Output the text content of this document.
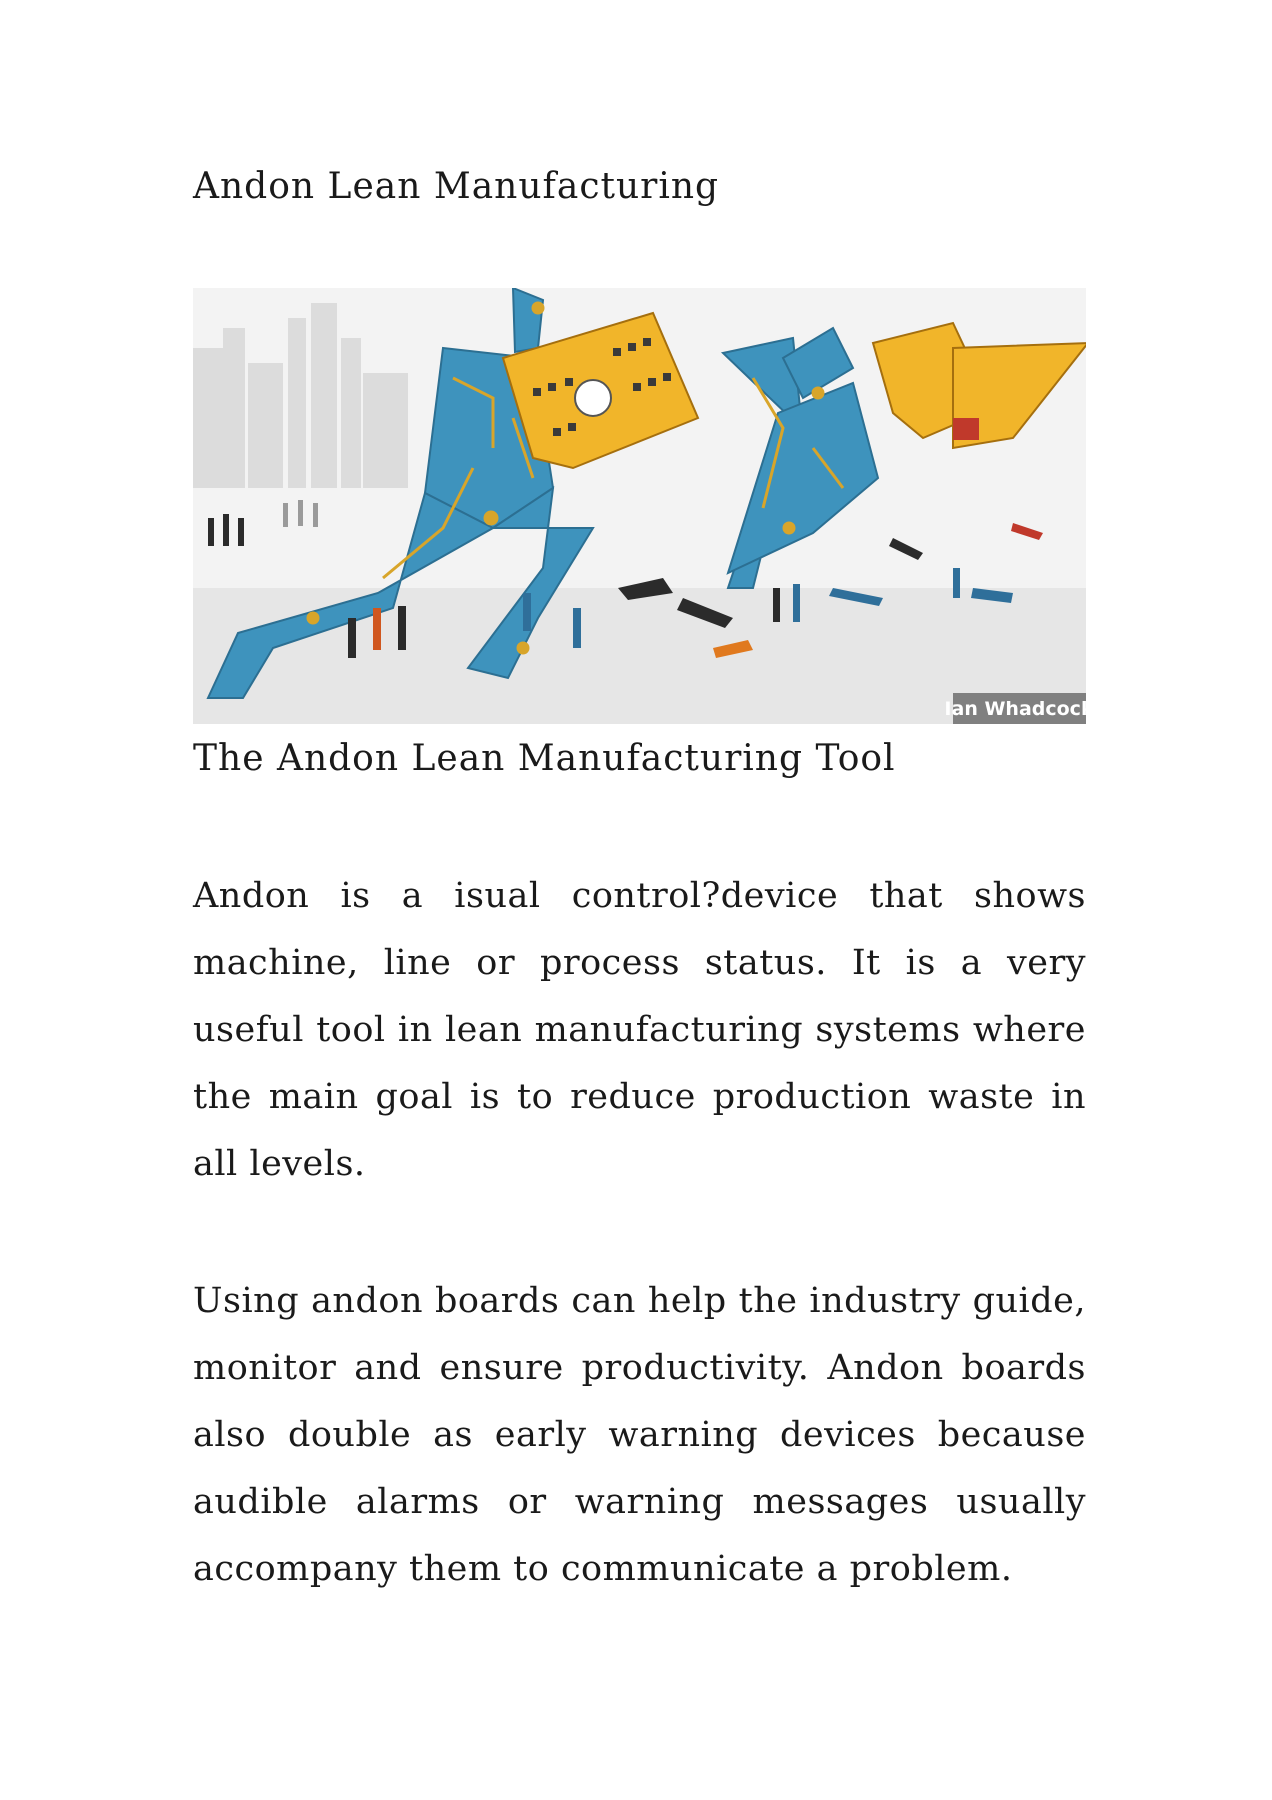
Andon Lean Manufacturing
Ian Whadcock

The Andon Lean Manufacturing Tool

Andon is a isual control?device that shows machine, line or process status. It is a very useful tool in lean manufacturing systems where the main goal is to reduce production waste in all levels.

Using andon boards can help the industry guide, monitor and ensure productivity. Andon boards also double as early warning devices because audible alarms or warning messages usually accompany them to communicate a problem.
